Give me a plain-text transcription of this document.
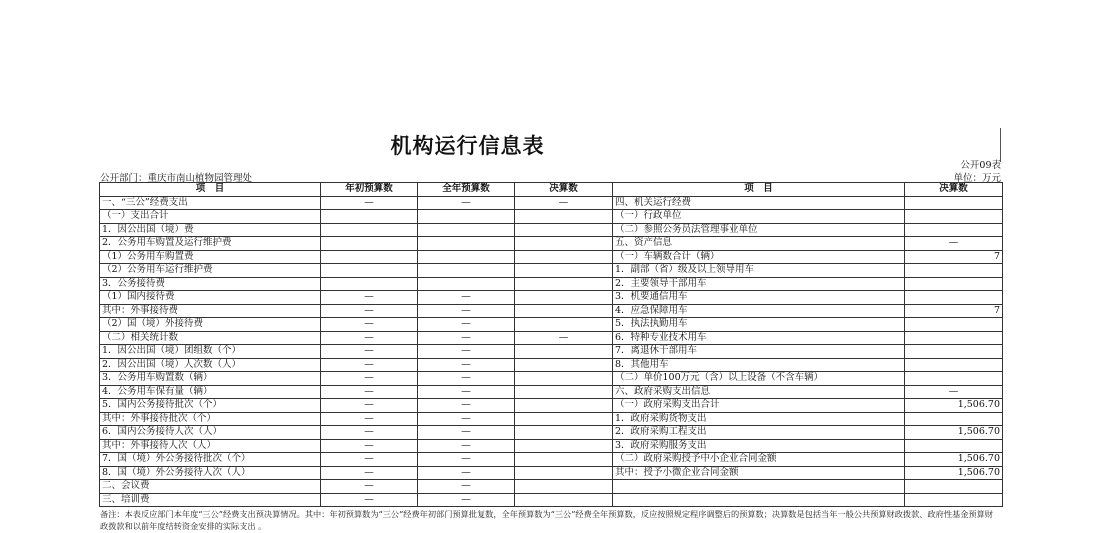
机构运行信息表
公开09表
单位：万元
公开部门：重庆市南山植物园管理处
项　目	年初预算数	全年预算数	决算数	项　目	决算数
一、“三公”经费支出	—	—	—	四、机关运行经费	
（一）支出合计				（一）行政单位	
1．因公出国（境）费				（二）参照公务员法管理事业单位	
2．公务用车购置及运行维护费				五、资产信息	—
（1）公务用车购置费				（一）车辆数合计（辆）	7
（2）公务用车运行维护费				1．副部（省）级及以上领导用车	
3．公务接待费				2．主要领导干部用车	
（1）国内接待费	—	—		3．机要通信用车	
其中：外事接待费	—	—		4．应急保障用车	7
（2）国（境）外接待费	—	—		5．执法执勤用车	
（二）相关统计数	—	—	—	6．特种专业技术用车	
1．因公出国（境）团组数（个）	—	—		7．离退休干部用车	
2．因公出国（境）人次数（人）	—	—		8．其他用车	
3．公务用车购置数（辆）	—	—		（二）单价100万元（含）以上设备（不含车辆）	
4．公务用车保有量（辆）	—	—		六、政府采购支出信息	—
5．国内公务接待批次（个）	—	—		（一）政府采购支出合计	1,506.70
其中：外事接待批次（个）	—	—		1．政府采购货物支出	
6．国内公务接待人次（人）	—	—		2．政府采购工程支出	1,506.70
其中：外事接待人次（人）	—	—		3．政府采购服务支出	
7．国（境）外公务接待批次（个）	—	—		（二）政府采购授予中小企业合同金额	1,506.70
8．国（境）外公务接待人次（人）	—	—		其中：授予小微企业合同金额	1,506.70
二、会议费	—	—			
三、培训费	—	—			
备注：本表反应部门本年度“三公”经费支出预决算情况。其中：年初预算数为“三公”经费年初部门预算批复数，全年预算数为“三公”经费全年预算数，反应按照规定程序调整后的预算数；决算数是包括当年一般公共预算财政拨款、政府性基金预算财政拨款和以前年度结转资金安排的实际支出 。
